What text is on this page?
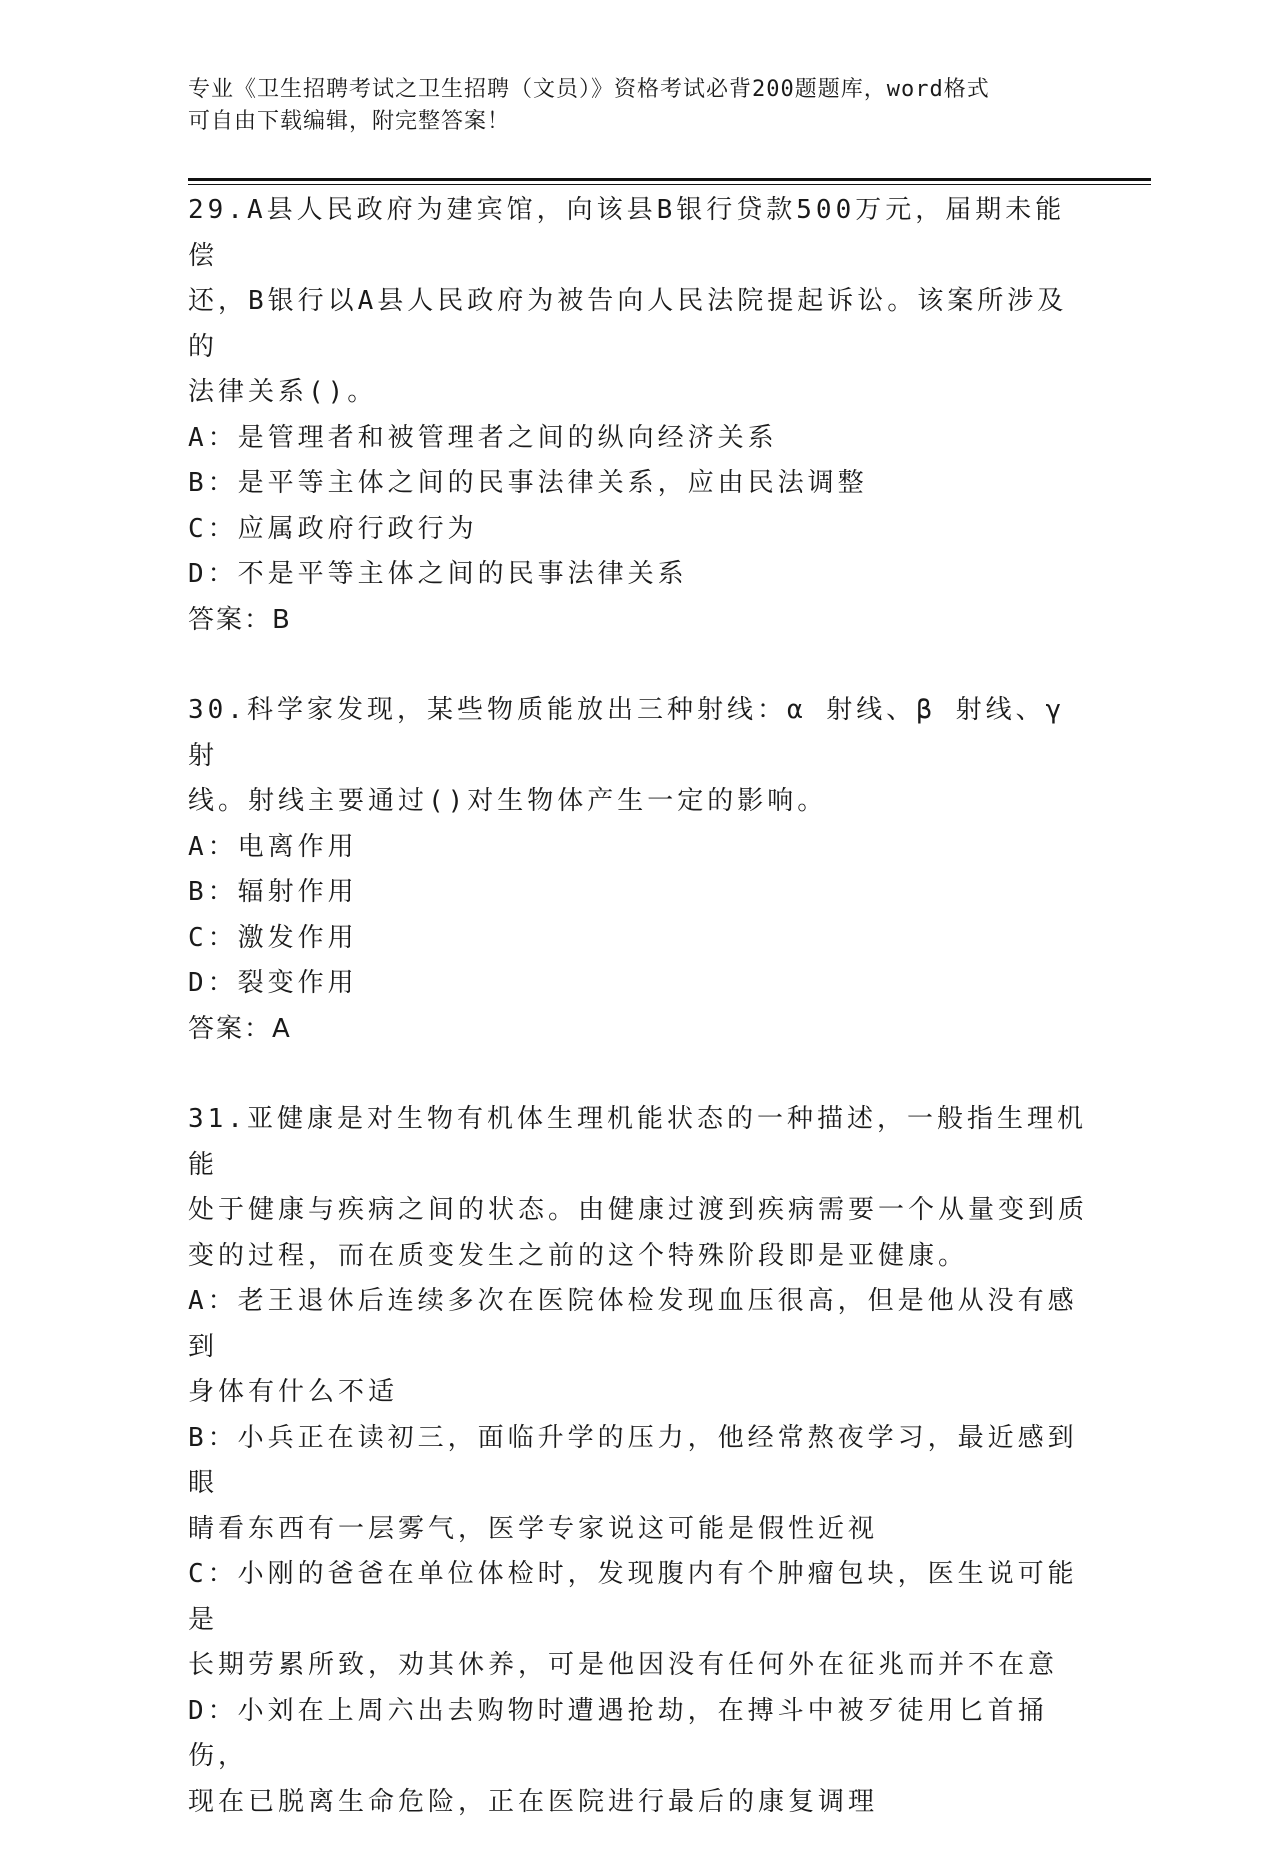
专业《卫生招聘考试之卫生招聘（文员）》资格考试必背200题题库，word格式
可自由下载编辑，附完整答案！
29.A县人民政府为建宾馆，向该县B银行贷款500万元，届期未能偿
还，B银行以A县人民政府为被告向人民法院提起诉讼。该案所涉及的
法律关系()。
A：是管理者和被管理者之间的纵向经济关系
B：是平等主体之间的民事法律关系，应由民法调整
C：应属政府行政行为
D：不是平等主体之间的民事法律关系
答案：B
30.科学家发现，某些物质能放出三种射线：α 射线、β 射线、γ 射
线。射线主要通过()对生物体产生一定的影响。
A：电离作用
B：辐射作用
C：激发作用
D：裂变作用
答案：A
31.亚健康是对生物有机体生理机能状态的一种描述，一般指生理机能
处于健康与疾病之间的状态。由健康过渡到疾病需要一个从量变到质
变的过程，而在质变发生之前的这个特殊阶段即是亚健康。
A：老王退休后连续多次在医院体检发现血压很高，但是他从没有感到
身体有什么不适
B：小兵正在读初三，面临升学的压力，他经常熬夜学习，最近感到眼
睛看东西有一层雾气，医学专家说这可能是假性近视
C：小刚的爸爸在单位体检时，发现腹内有个肿瘤包块，医生说可能是
长期劳累所致，劝其休养，可是他因没有任何外在征兆而并不在意
D：小刘在上周六出去购物时遭遇抢劫，在搏斗中被歹徒用匕首捅伤，
现在已脱离生命危险，正在医院进行最后的康复调理
